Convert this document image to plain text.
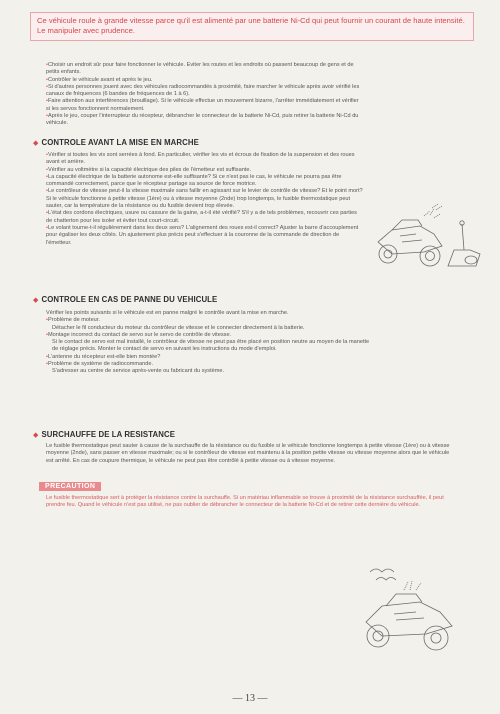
Ce véhicule roule à grande vitesse parce qu'il est alimenté par une batterie Ni-Cd qui peut fournir un courant de haute intensité. Le manipuler avec prudence.

•Choisir un endroit sûr pour faire fonctionner le véhicule. Eviter les routes et les endroits où passent beaucoup de gens et de petits enfants.

•Contrôler le véhicule avant et après le jeu.

•Si d'autres personnes jouent avec des véhicules radiocommandés à proximité, faire marcher le véhicule après avoir vérifié les canaux de fréquences (6 bandes de fréquences de 1 à 6).

•Faire attention aux interférences (brouillage). Si le véhicule effectue un mouvement bizarre, l'arrêter immédiatement et vérifier si les servos fonctionnent normalement.

•Après le jeu, couper l'interrupteur du récepteur, débrancher le connecteur de la batterie Ni-Cd, puis retirer la batterie Ni-Cd du véhicule.

◆ CONTROLE AVANT LA MISE EN MARCHE

•Vérifier si toutes les vis sont serrées à fond. En particulier, vérifier les vis et écrous de fixation de la suspension et des roues avant et arrière.

•Vérifier au voltmètre si la capacité électrique des piles de l'émetteur est suffisante.

•La capacité électrique de la batterie autonome est-elle suffisante? Si ce n'est pas le cas, le véhicule ne pourra pas être commandé correctement, parce que le récepteur partage sa source de force motrice.

•Le contrôleur de vitesse peut-il la vitesse maximale sans faillir en agissant sur le levier de contrôle de vitesse? Et le point mort? Si le véhicule fonctionne à petite vitesse (1ère) ou à vitesse moyenne (2nde) trop longtemps, le fusible thermostatique peut sauter, car la température de la résistance ou du fusible devient trop élevée.

•L'état des cordons électriques, usure ou cassure de la gaine, a-t-il été vérifié? S'il y a de tels problèmes, recouvrir ces parties de chatterton pour les isoler et éviter tout court-circuit.

•Le volant tourne-t-il régulièrement dans les deux sens? L'alignement des roues est-il correct? Ajuster la barre d'accouplement pour égaliser les deux côtés. Un ajustement plus précis peut s'effectuer à la couronne de la commande de direction de l'émetteur.

◆ CONTROLE EN CAS DE PANNE DU VEHICULE

Vérifier les points suivants si le véhicule est en panne malgré le contrôle avant la mise en marche.

•Problème de moteur.

Détacher le fil conducteur du moteur du contrôleur de vitesse et le connecter directement à la batterie.

•Montage incorrect du contact de servo sur le servo de contrôle de vitesse.

Si le contact de servo est mal installé, le contrôleur de vitesse ne peut pas être placé en position neutre au moyen de la manette de réglage précis. Monter le contact de servo en suivant les instructions du mode d'emploi.

•L'antenne du récepteur est-elle bien montée?

•Problème de système de radiocommande.

S'adresser au centre de service après-vente ou fabricant du système.

◆ SURCHAUFFE DE LA RESISTANCE

Le fusible thermostatique peut sauter à cause de la surchauffe de la résistance ou du fusible si le véhicule fonctionne longtemps à petite vitesse (1ère) ou à vitesse moyenne (2nde), sans passer en vitesse maximale; ou si le contrôleur de vitesse est maintenu à la position petite vitesse ou vitesse moyenne alors que le véhicule est arrêté. En cas de coupure thermique, le véhicule ne peut pas être contrôlé à petite vitesse ou à vitesse moyenne.

PRECAUTION

Le fusible thermostatique sert à protéger la résistance contre la surchauffe. Si un matériau inflammable se trouve à proximité de la résistance surchauffée, il peut prendre feu. Quand le véhicule n'est pas utilisé, ne pas oublier de débrancher le connecteur de la batterie Ni-Cd et de retirer cette dernière du véhicule.

— 13 —
